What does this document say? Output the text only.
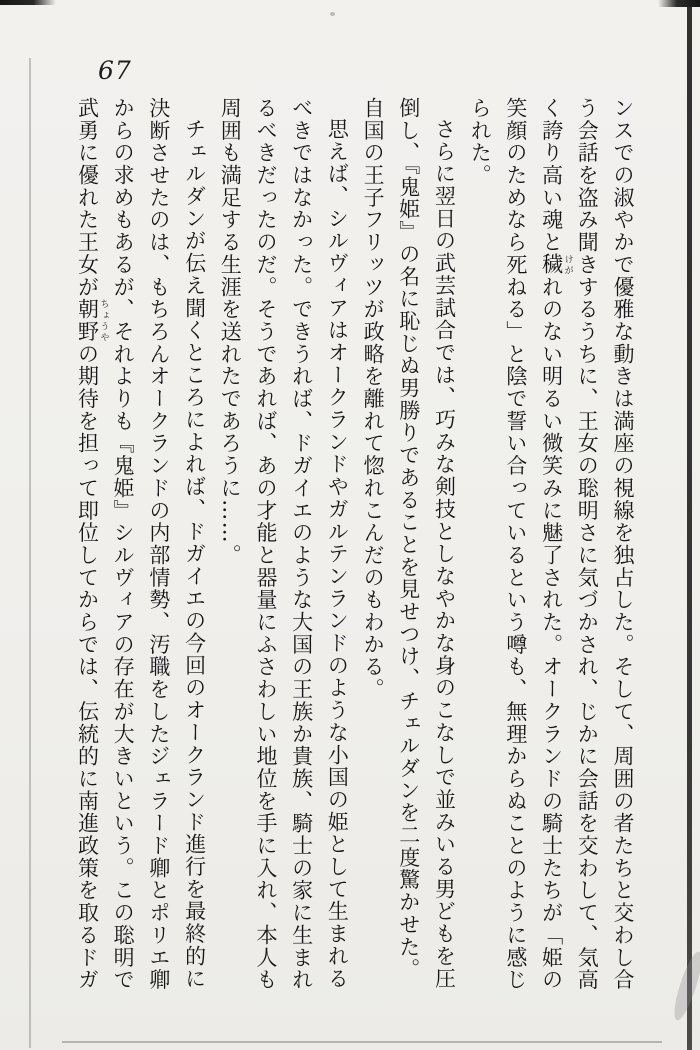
67

ンスでの淑やかで優雅な動きは満座の視線を独占した。そして、周囲の者たちと交わし合う会話を盗み聞きするうちに、王女の聡明さに気づかされ、じかに会話を交わして、気高く誇り高い魂と穢 けがれのない明るい微笑みに魅了された。オークランドの騎士たちが「姫の笑顔のためなら死ねる」と陰で誓い合っているという噂も、無理からぬことのように感じられた。

さらに翌日の武芸試合では、巧みな剣技としなやかな身のこなしで並みいる男どもを圧倒し、『鬼姫』の名に恥じぬ男勝りであることを見せつけ、チェルダンを二度驚かせた。自国の王子フリッツが政略を離れて惚れこんだのもわかる。

思えば、シルヴィアはオークランドやガルテンランドのような小国の姫として生まれるべきではなかった。できうれば、ドガイエのような大国の王族か貴族、騎士の家に生まれるべきだったのだ。そうであれば、あの才能と器量にふさわしい地位を手に入れ、本人も周囲も満足する生涯を送れたであろうに……。

チェルダンが伝え聞くところによれば、ドガイエの今回のオークランド進行を最終的に決断させたのは、もちろんオークランドの内部情勢、汚職をしたジェラード卿とポリエ卿からの求めもあるが、それよりも『鬼姫』シルヴィアの存在が大きいという。この聡明で武勇に優れた王女が朝野 ちょうやの期待を担って即位してからでは、伝統的に南進政策を取るドガ
